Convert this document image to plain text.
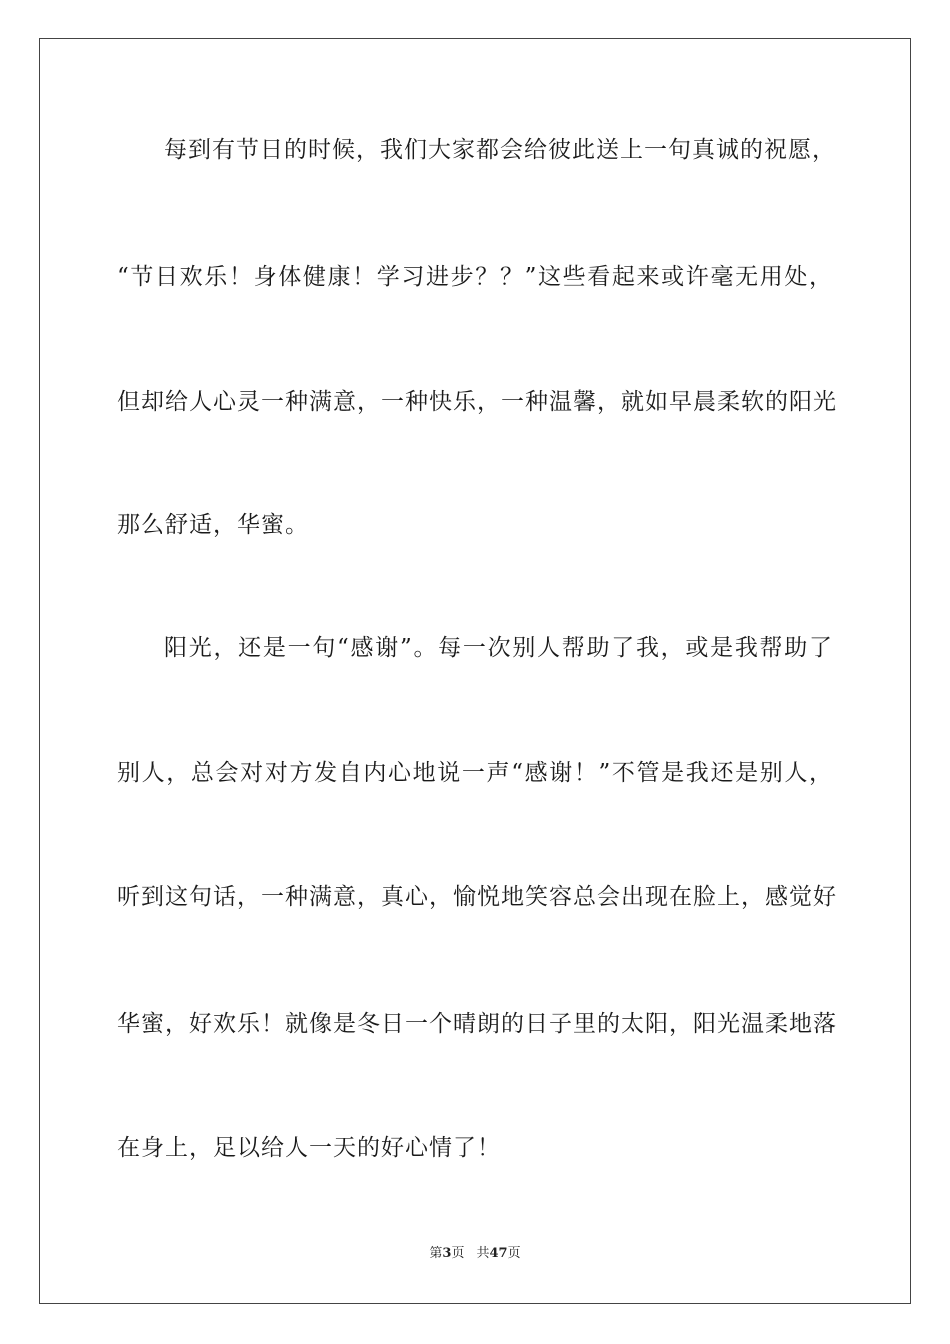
每到有节日的时候，我们大家都会给彼此送上一句真诚的祝愿，
“节日欢乐！身体健康！学习进步？？”这些看起来或许毫无用处，
但却给人心灵一种满意，一种快乐，一种温馨，就如早晨柔软的阳光
那么舒适，华蜜。
阳光，还是一句“感谢”。每一次别人帮助了我，或是我帮助了
别人，总会对对方发自内心地说一声“感谢！”不管是我还是别人，
听到这句话，一种满意，真心，愉悦地笑容总会出现在脸上，感觉好
华蜜，好欢乐！就像是冬日一个晴朗的日子里的太阳，阳光温柔地落
在身上，足以给人一天的好心情了！
第3页 共47页
